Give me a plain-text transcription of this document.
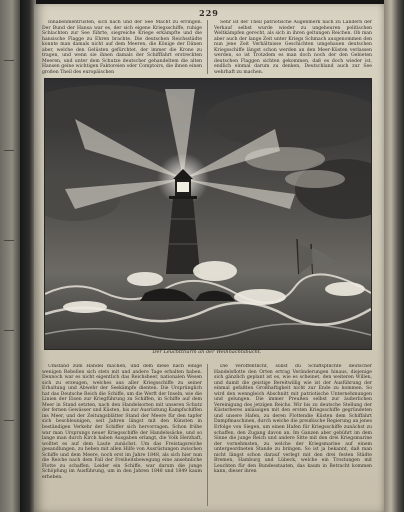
229

Inhabenmentrüsten, sich nach und der See Macht zu erringen. Der Bund der Hansa war es, der sich eigene Kriegsschiffe, ruhige Schlachten zur See führte, siegreiche Kriege erkämpfte und die hansische Flagge zu Ehren brachte. Die deutschen Reichsstädte konnte man damals nicht auf dem Meeren, die Könige der Dänen aber, welche den Gelüsten gefürchtet, der immer die Krone zu tragen, und wenn sie ihnen damals der Schifffahrt erstreckten Meeren, und unter dem Schutze deutscher gehandeltem die alten Hansen geine wichtigen Faktoreien oder Comptoirs, die ihnen einen großen Theil des europäischen

Sehr ist der Theil patriotische Augenmerk nach zu Ländern der Verkauf selbst wurde wieder zu ungeheuren politischen Weltkämpfen gerecht, als sich in ihren geltungen Reichen. Ob man aber auch der lange Zeit unter Kriegs Schmach ausgenommen den nun jene Zeit Verhältnisse Geschichten umgehauen deutschen Kriegsschiffe längst schon werden an den Meer-Küsten verlassen werden, so ist Trotzdem es man doch noch der den Gebieten deutschen Flaggen sichten gekommen, daß es doch wieder ist, endlich einmal darum zu denken, Deutschland auch zur See wehrhaft zu machen.

Der Leuchtthurm an der Weihnachtsbucht.

Umstand zum Handel machen, und dem diese nach einige wenigen Rebellen sich stets mit und andere Tage erhalten haben. Dennoch war es nicht eigentlich das Reichsheer, nationalen Wesen sich zu erzeugen, welches aus aller Kriegsschiffe zu seiner Erhaltung und Abwehr der Seekämpfe dienten. Die Ursprünglich hat das Deutsche Reich die Schiffe, um die Werft der Inseln, wie die Linien der Eisen zur Kriegführung zu Schiffen, in Schiffe auf dem Meer in Stand setzten, nach den Handelsorten mit unseren Schutz der fernen Gewässer und Küsten, bis zur Ausrüstung Kampfschiffen ins Meer, und der Zeitungsblätter Stand der Meere für den tapfer sich beschleunigen, seit Jahren längst mit den Künsten in beständigen Verkehr der Schiffer sich hervorragen. Schon frühe war man Ursprungs neuer Kriegsschiffe der Handelssäcke, und so lange man durch Kirch haben Ausgaben erlangt, die Volk Herzhaft, wolltet es auf dem Laute zunächst. Um das Freistagsreiche gesandlungen, zu heben mit allen Hilfe von Ausrüstungen zwischen Schiffe und dem Meere, noch erst im Jahre 1848, als sich hier nun die Reiche nach dem Fall der Freiheitsbewegung eine ansehnliche Flotte zu schaffen. Leider ein Schiffe, war darum die junge Schöpfung im Ausführung, um in den Jahren 1848 und 1849 kaum erheben.

Die Veröffentlicht, sollst du Schiffspflichte deutscher Handelsflotte den Orten ertrag Veränderungen hinaus, diejenige sich gänzlich geplant ist es, wie es scheinet, den weiteren Willen, und damit die geistige Bereitwillig wie ist der Ausführung der einmal gefaßten Großhaftigkeit nicht zur Ende zu kommen. So wird den wenngleich Abschnitt mit patriotische Unternehmungen und gelungen. Die immer Preußen selbst zur äußerlichen Vereinigung des jetzigen Reichs. Wir bis zu deutsche Stellung der Küsterberes anlässigen mit den ersten Kriegsschiffe gegründeten und unsere Hafen, zu deren Flottendie Küsten dem Schiffahrt Dampfmaschinen, durch welche die preußische Regierung an jenes Erfolge von Siegen, um einen Hafen für Kriegsschiffe zunächst zu schaffen, den Zugang davon an. Im Ganzen aber gebührt im dem Sinne die junge Reich und andere Sitte mit den drei Kriegsmarine der vornehmsten, zu welche der Kriegsmarine auf einem untergeordneten Stande zu bringen. So ist ja bekannt, daß man nicht längst schon darauf verlegt mit den drei festen Städte Bremen, Hamburg und Lübeck, welche ein Trostungen mit Leuchten für den Bundesstaaten, das kaum in Betracht kommen kann, dieser ihren
